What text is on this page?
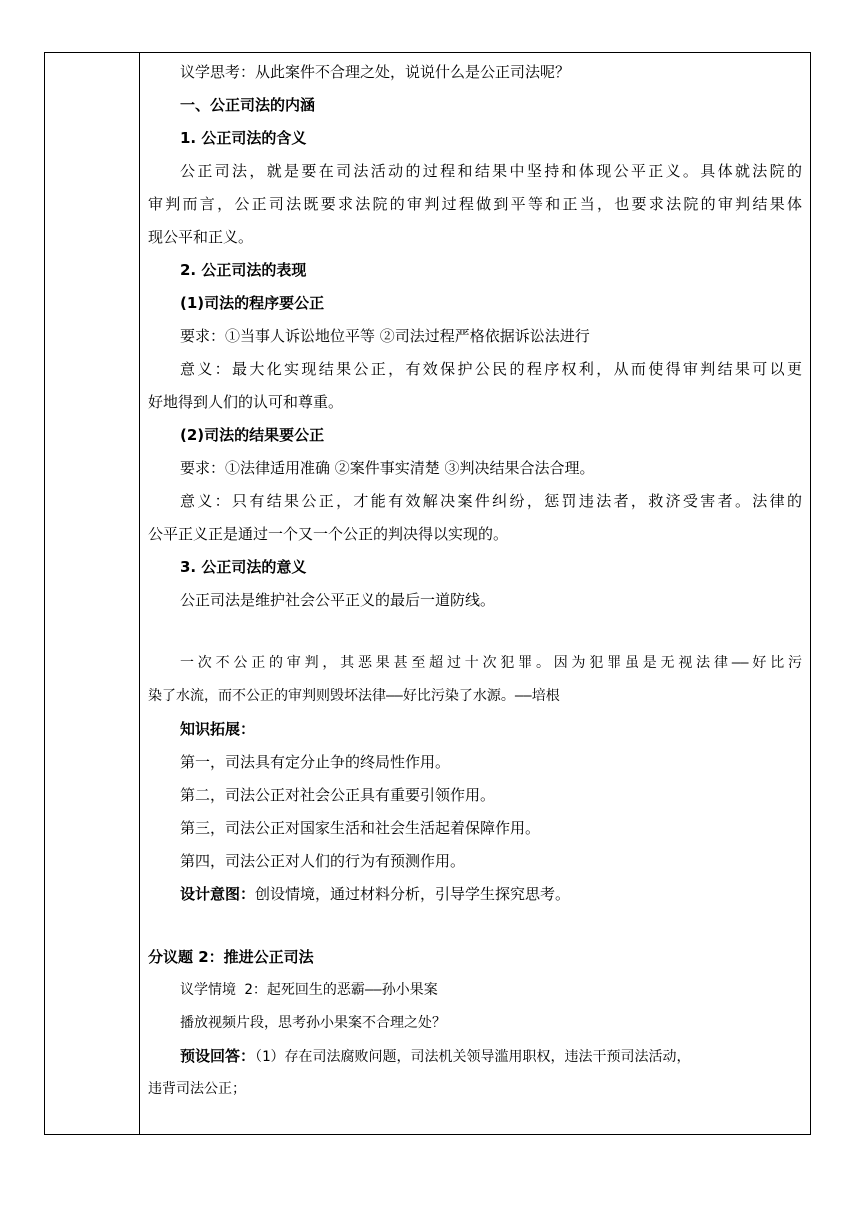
议学思考：从此案件不合理之处，说说什么是公正司法呢？
一、公正司法的内涵
1. 公正司法的含义
公正司法，就是要在司法活动的过程和结果中坚持和体现公平正义。具体就法院的
审判而言，公正司法既要求法院的审判过程做到平等和正当，也要求法院的审判结果体
现公平和正义。
2. 公正司法的表现
(1)司法的程序要公正
要求：①当事人诉讼地位平等 ②司法过程严格依据诉讼法进行
意义：最大化实现结果公正，有效保护公民的程序权利，从而使得审判结果可以更
好地得到人们的认可和尊重。
(2)司法的结果要公正
要求：①法律适用准确 ②案件事实清楚 ③判决结果合法合理。
意义：只有结果公正，才能有效解决案件纠纷，惩罚违法者，救济受害者。法律的
公平正义正是通过一个又一个公正的判决得以实现的。
3. 公正司法的意义
公正司法是维护社会公平正义的最后一道防线。
一次不公正的审判，其恶果甚至超过十次犯罪。因为犯罪虽是无视法律——好比污
染了水流，而不公正的审判则毁坏法律——好比污染了水源。——培根
知识拓展：
第一，司法具有定分止争的终局性作用。
第二，司法公正对社会公正具有重要引领作用。
第三，司法公正对国家生活和社会生活起着保障作用。
第四，司法公正对人们的行为有预测作用。
设计意图：创设情境，通过材料分析，引导学生探究思考。
分议题 2：推进公正司法
议学情境 2：起死回生的恶霸——孙小果案
播放视频片段，思考孙小果案不合理之处？
预设回答：（1）存在司法腐败问题，司法机关领导滥用职权，违法干预司法活动，
违背司法公正；
